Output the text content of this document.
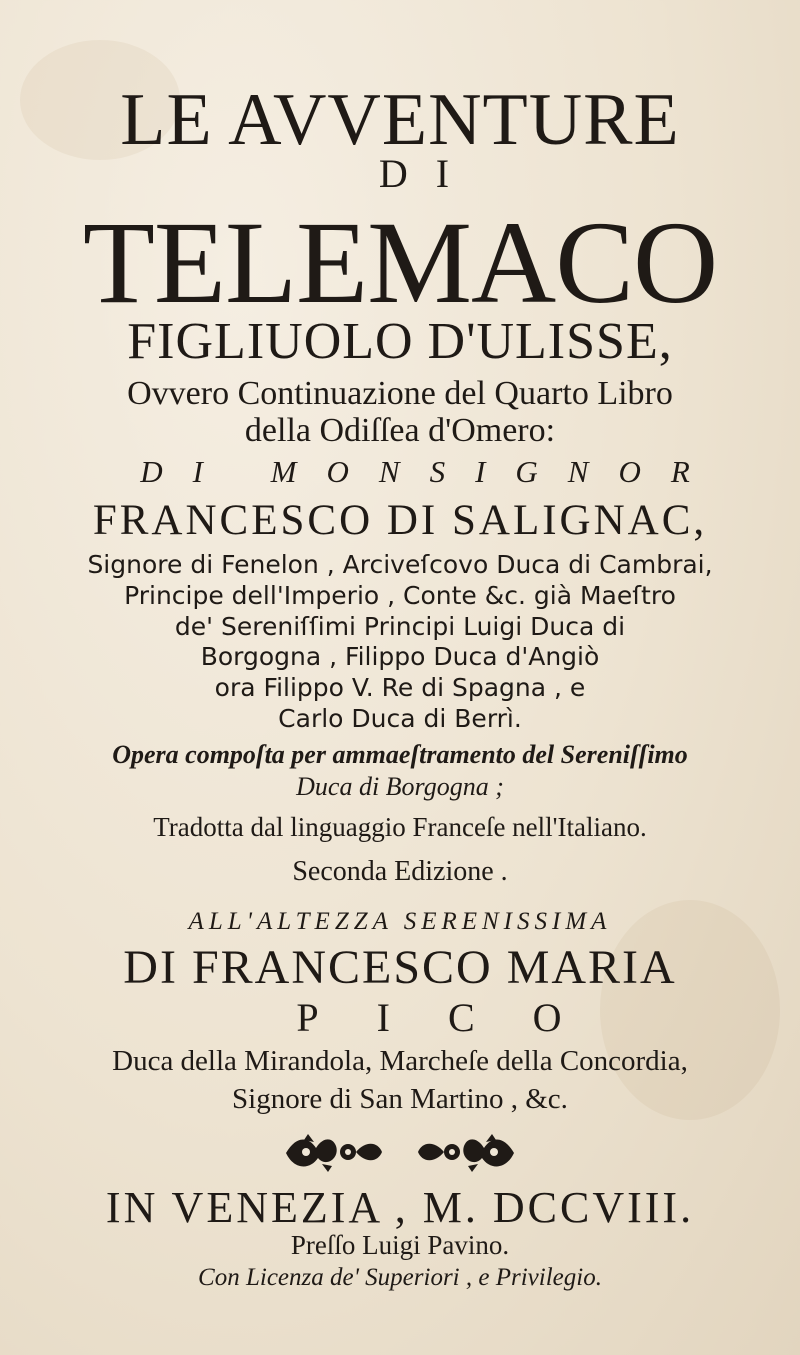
LE AVVENTURE
DI
TELEMACO
FIGLIUOLO D'ULISSE,
Ovvero Continuazione del Quarto Libro
della Odiſſea d'Omero:
DI MONSIGNOR
FRANCESCO DI SALIGNAC,
Signore di Fenelon , Arciveſcovo Duca di Cambrai,
Principe dell'Imperio , Conte &c. già Maeſtro
de' Sereniſſimi Principi Luigi Duca di
Borgogna , Filippo Duca d'Angiò
ora Filippo V. Re di Spagna , e
Carlo Duca di Berrì.
Opera compoſta per ammaeſtramento del Sereniſſimo
Duca di Borgogna ;
Tradotta dal linguaggio Franceſe nell'Italiano.
Seconda Edizione .
ALL'ALTEZZA SERENISSIMA
DI FRANCESCO MARIA
PICO
Duca della Mirandola, Marcheſe della Concordia,
Signore di San Martino , &c.
IN VENEZIA , M. DCCVIII.
Preſſo Luigi Pavino.
Con Licenza de' Superiori , e Privilegio.
